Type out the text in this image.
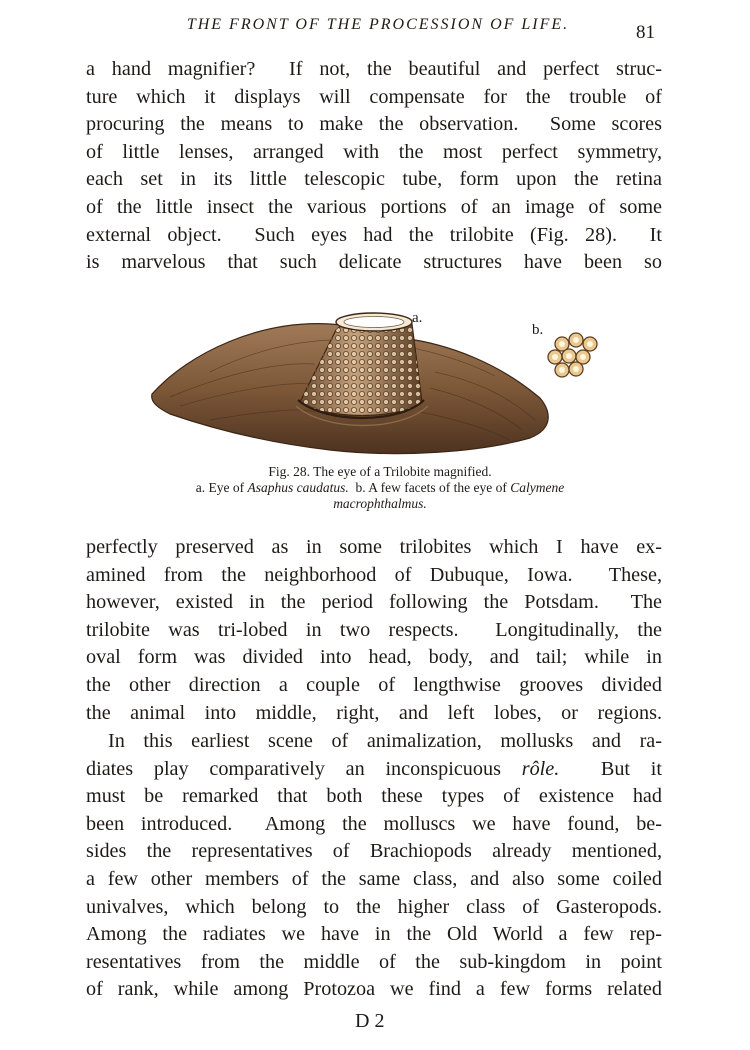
THE FRONT OF THE PROCESSION OF LIFE.	81
a hand magnifier?  If not, the beautiful and perfect struc-
ture which it displays will compensate for the trouble of
procuring the means to make the observation.  Some scores
of little lenses, arranged with the most perfect symmetry,
each set in its little telescopic tube, form upon the retina
of the little insect the various portions of an image of some
external object.  Such eyes had the trilobite (Fig. 28).  It
is marvelous that such delicate structures have been so
a.
b.
Fig. 28. The eye of a Trilobite magnified.
a. Eye of Asaphus caudatus.  b. A few facets of the eye of Calymene
macrophthalmus.
perfectly preserved as in some trilobites which I have ex-
amined from the neighborhood of Dubuque, Iowa.  These,
however, existed in the period following the Potsdam.  The
trilobite was tri-lobed in two respects.  Longitudinally, the
oval form was divided into head, body, and tail; while in
the other direction a couple of lengthwise grooves divided
the animal into middle, right, and left lobes, or regions.
In this earliest scene of animalization, mollusks and ra-
diates play comparatively an inconspicuous rôle.  But it
must be remarked that both these types of existence had
been introduced.  Among the molluscs we have found, be-
sides the representatives of Brachiopods already mentioned,
a few other members of the same class, and also some coiled
univalves, which belong to the higher class of Gasteropods.
Among the radiates we have in the Old World a few rep-
resentatives from the middle of the sub-kingdom in point
of rank, while among Protozoa we find a few forms related
D 2
